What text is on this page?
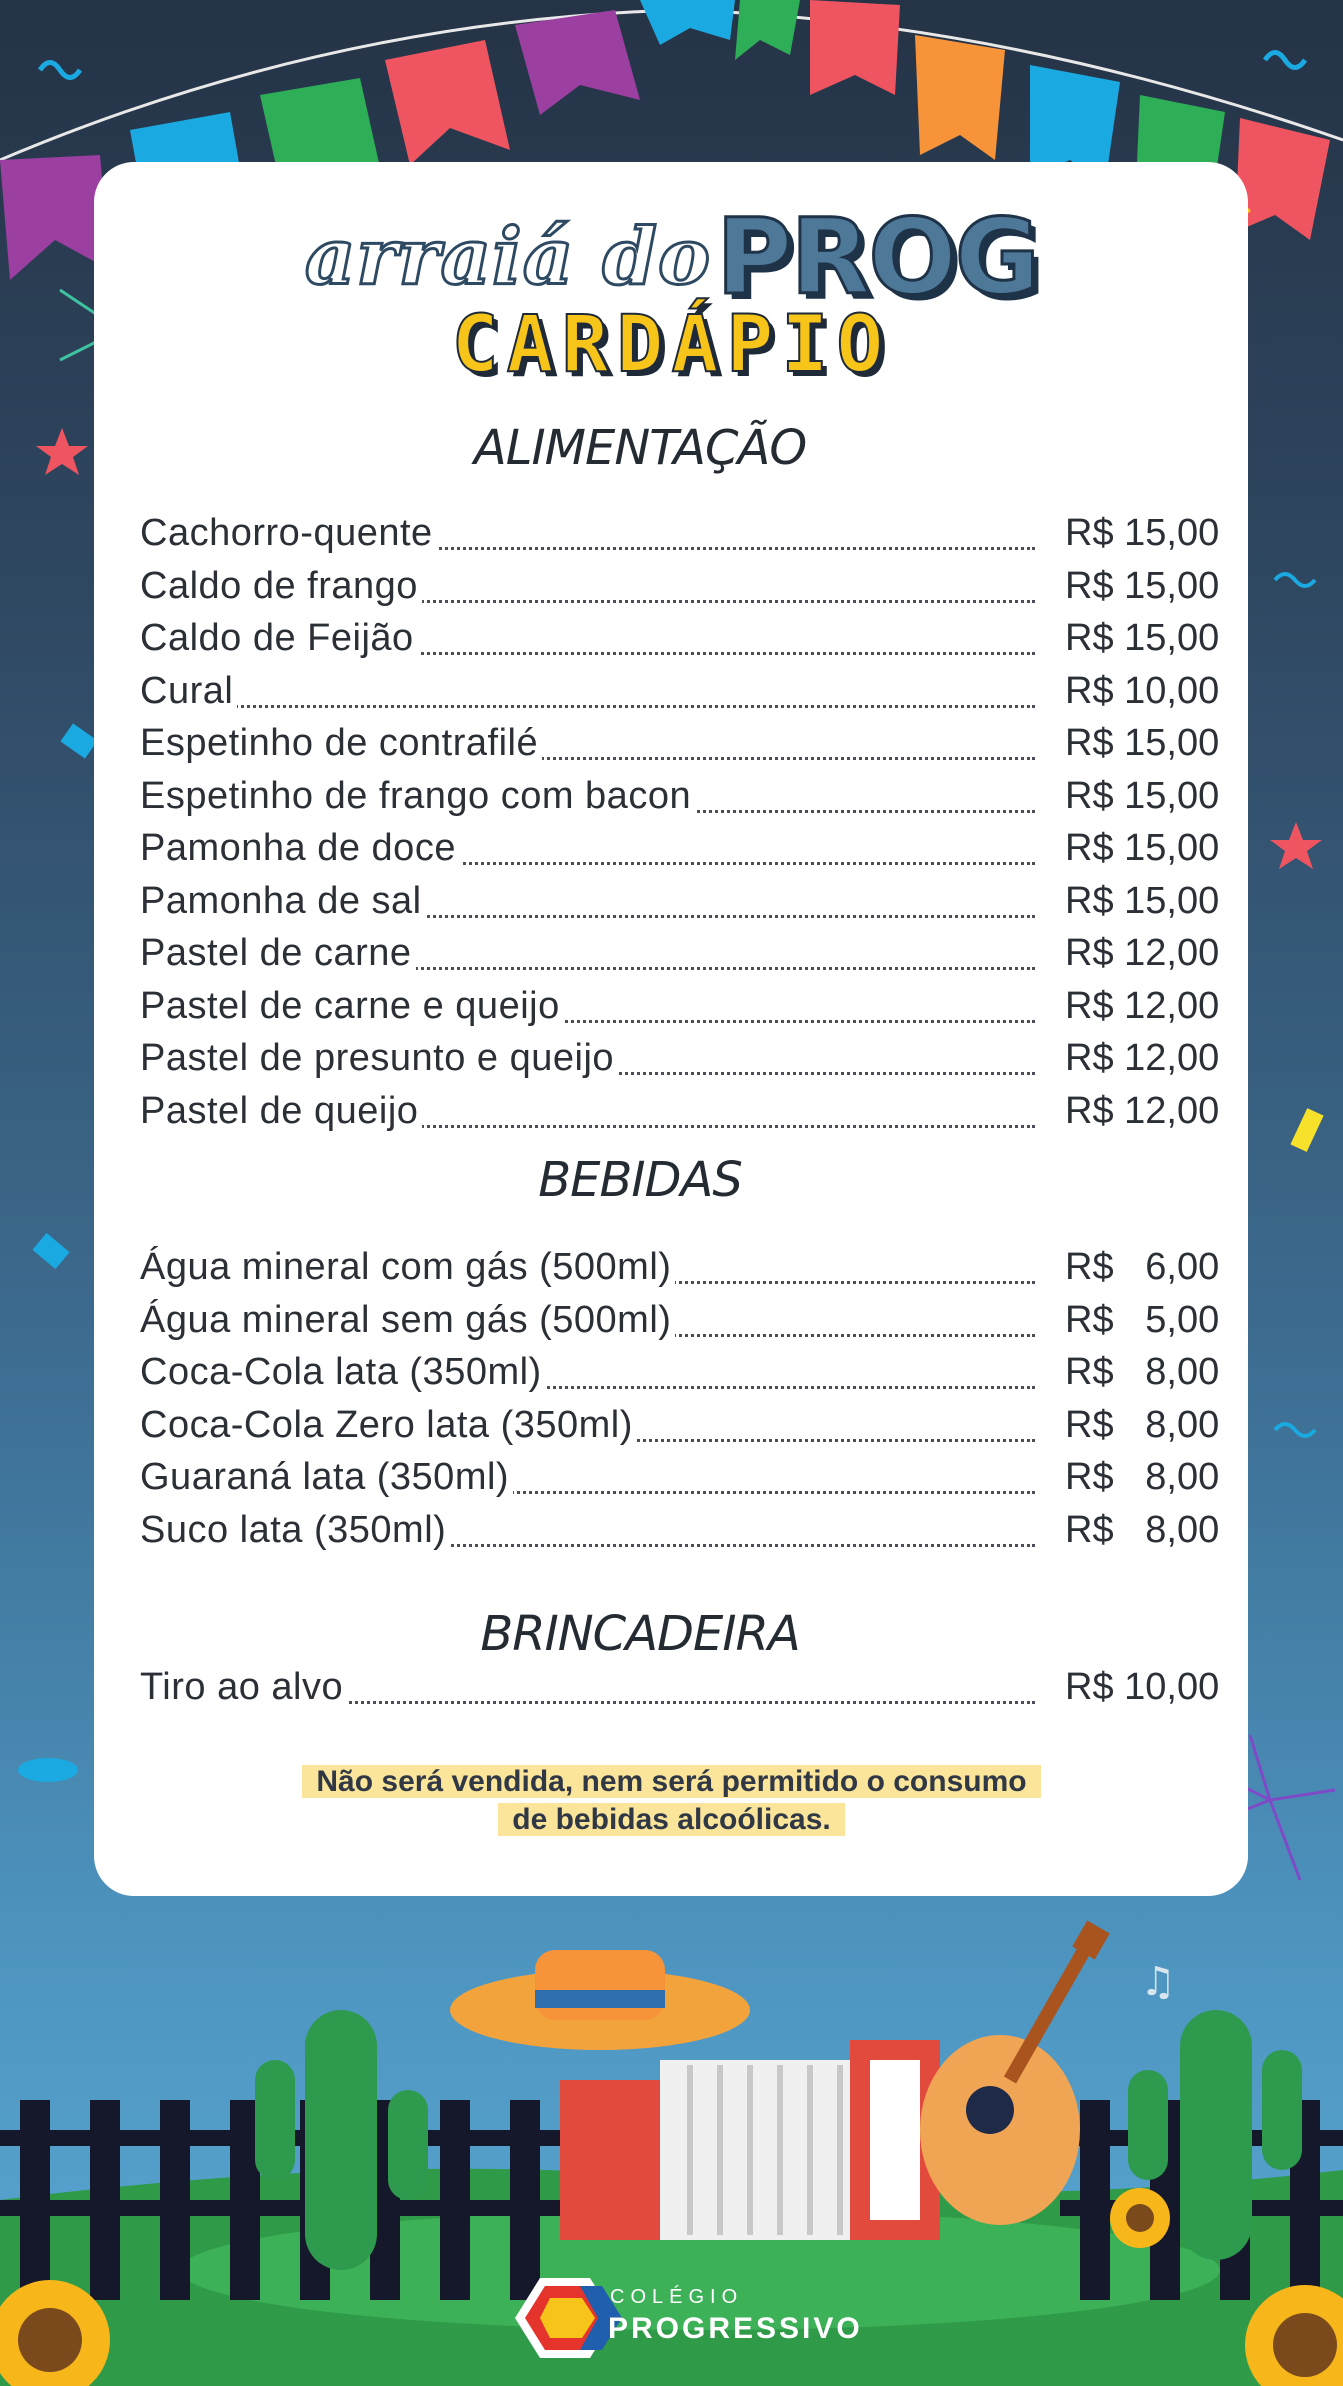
♫
arraiá do PROG
CARDÁPIO
ALIMENTAÇÃO
Cachorro-quente	R$ 15,00
Caldo de frango	R$ 15,00
Caldo de Feijão	R$ 15,00
Cural	R$ 10,00
Espetinho de contrafilé	R$ 15,00
Espetinho de frango com bacon	R$ 15,00
Pamonha de doce	R$ 15,00
Pamonha de sal	R$ 15,00
Pastel de carne	R$ 12,00
Pastel de carne e queijo	R$ 12,00
Pastel de presunto e queijo	R$ 12,00
Pastel de queijo	R$ 12,00
BEBIDAS
Água mineral com gás (500ml)	R$   6,00
Água mineral sem gás (500ml)	R$   5,00
Coca-Cola lata (350ml)	R$   8,00
Coca-Cola Zero lata (350ml)	R$   8,00
Guaraná lata (350ml)	R$   8,00
Suco lata (350ml)	R$   8,00
BRINCADEIRA
Tiro ao alvo	R$ 10,00
Não será vendida, nem será permitido o consumo
de bebidas alcoólicas.
COLÉGIO
PROGRESSIVO
